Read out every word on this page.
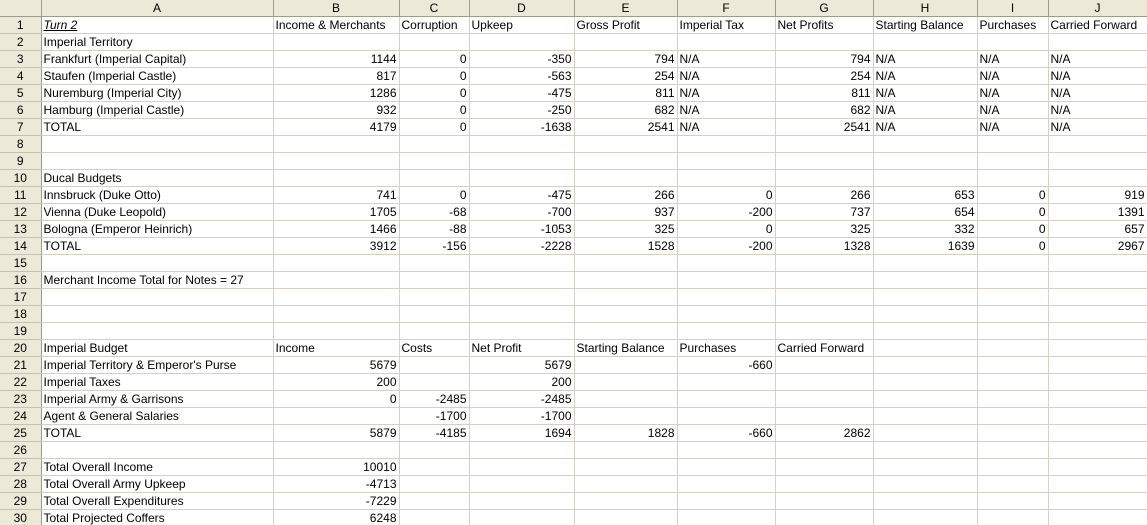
	A	B	C	D	E	F	G	H	I	J
1	Turn 2	Income & Merchants	Corruption	Upkeep	Gross Profit	Imperial Tax	Net Profits	Starting Balance	Purchases	Carried Forward
2	Imperial Territory									
3	Frankfurt (Imperial Capital)	1144	0	-350	794	N/A	794	N/A	N/A	N/A
4	Staufen (Imperial Castle)	817	0	-563	254	N/A	254	N/A	N/A	N/A
5	Nuremburg (Imperial City)	1286	0	-475	811	N/A	811	N/A	N/A	N/A
6	Hamburg (Imperial Castle)	932	0	-250	682	N/A	682	N/A	N/A	N/A
7	TOTAL	4179	0	-1638	2541	N/A	2541	N/A	N/A	N/A
8										
9										
10	Ducal Budgets									
11	Innsbruck (Duke Otto)	741	0	-475	266	0	266	653	0	919
12	Vienna (Duke Leopold)	1705	-68	-700	937	-200	737	654	0	1391
13	Bologna (Emperor Heinrich)	1466	-88	-1053	325	0	325	332	0	657
14	TOTAL	3912	-156	-2228	1528	-200	1328	1639	0	2967
15										
16	Merchant Income Total for Notes = 27									
17										
18										
19										
20	Imperial Budget	Income	Costs	Net Profit	Starting Balance	Purchases	Carried Forward			
21	Imperial Territory & Emperor's Purse	5679		5679		-660				
22	Imperial Taxes	200		200						
23	Imperial Army & Garrisons	0	-2485	-2485						
24	Agent & General Salaries		-1700	-1700						
25	TOTAL	5879	-4185	1694	1828	-660	2862			
26										
27	Total Overall Income	10010								
28	Total Overall Army Upkeep	-4713								
29	Total Overall Expenditures	-7229								
30	Total Projected Coffers	6248								
